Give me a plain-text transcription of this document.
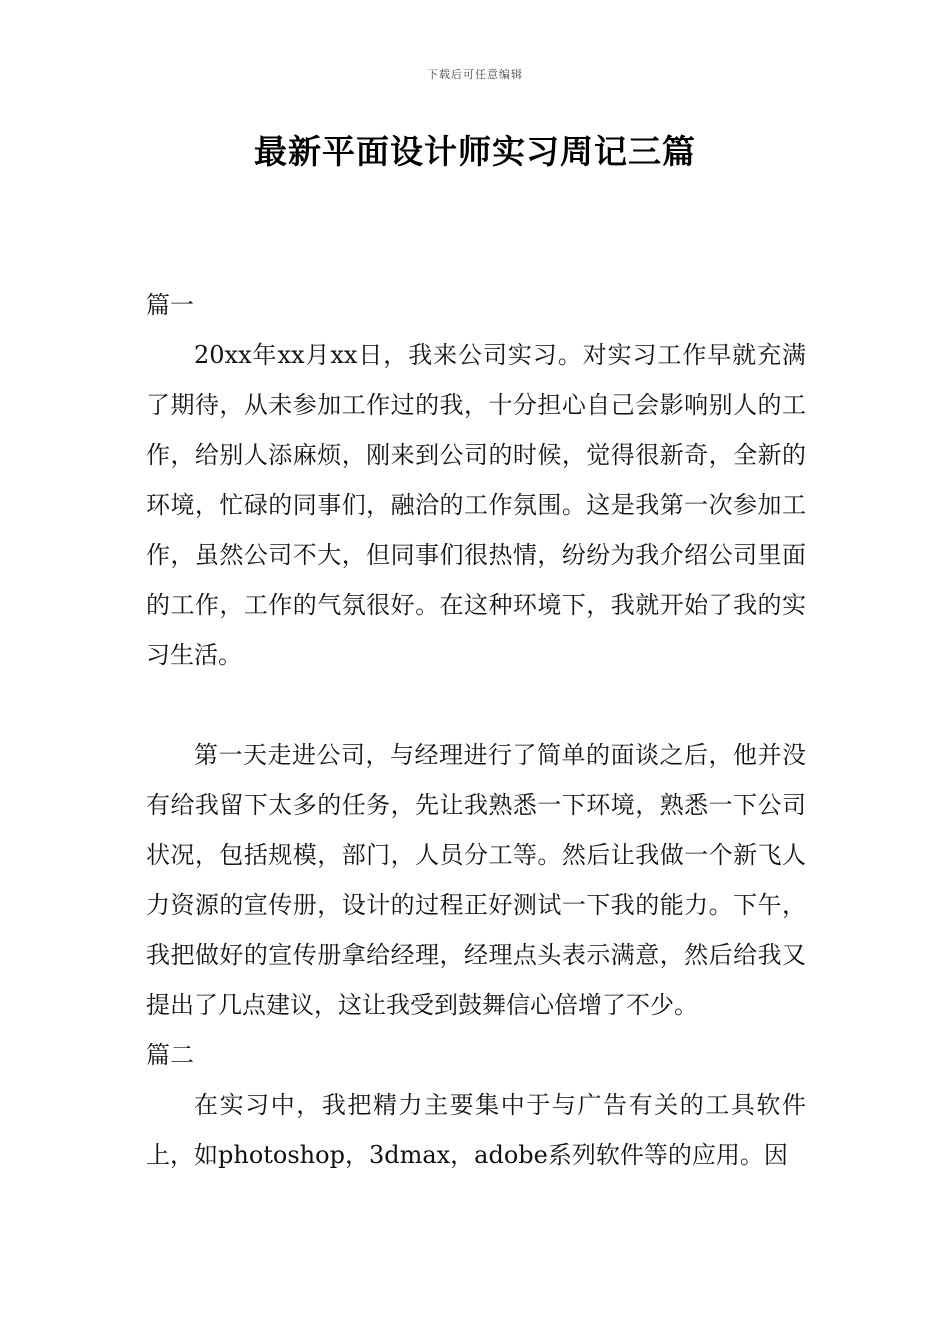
下载后可任意编辑
最新平面设计师实习周记三篇

篇一

20xx年xx月xx日，我来公司实习。对实习工作早就充满了期待，从未参加工作过的我，十分担心自己会影响别人的工作，给别人添麻烦，刚来到公司的时候，觉得很新奇，全新的环境，忙碌的同事们，融洽的工作氛围。这是我第一次参加工作，虽然公司不大，但同事们很热情，纷纷为我介绍公司里面的工作，工作的气氛很好。在这种环境下，我就开始了我的实习生活。

第一天走进公司，与经理进行了简单的面谈之后，他并没有给我留下太多的任务，先让我熟悉一下环境，熟悉一下公司状况，包括规模，部门，人员分工等。然后让我做一个新飞人力资源的宣传册，设计的过程正好测试一下我的能力。下午，我把做好的宣传册拿给经理，经理点头表示满意，然后给我又提出了几点建议，这让我受到鼓舞信心倍增了不少。

篇二

在实习中，我把精力主要集中于与广告有关的工具软件上，如photoshop，3dmax，adobe系列软件等的应用。因
